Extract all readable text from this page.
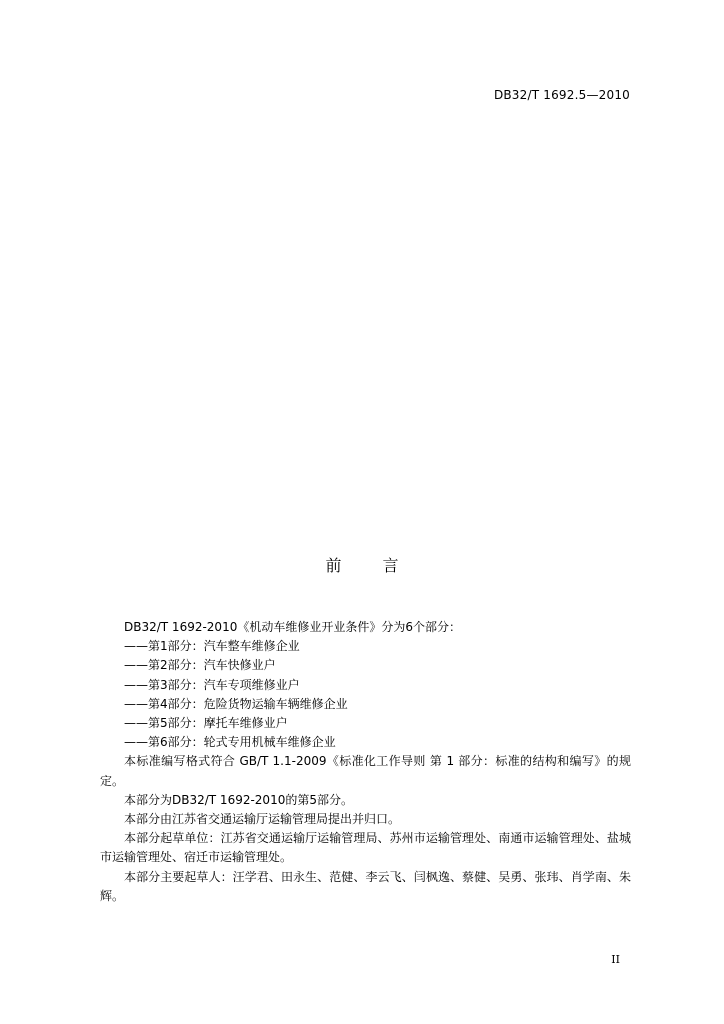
DB32/T 1692.5—2010
前 言

DB32/T 1692-2010《机动车维修业开业条件》分为6个部分：

——第1部分：汽车整车维修企业

——第2部分：汽车快修业户

——第3部分：汽车专项维修业户

——第4部分：危险货物运输车辆维修企业

——第5部分：摩托车维修业户

——第6部分：轮式专用机械车维修企业

本标准编写格式符合 GB/T 1.1-2009《标准化工作导则 第 1 部分：标准的结构和编写》的规定。

本部分为DB32/T 1692-2010的第5部分。

本部分由江苏省交通运输厅运输管理局提出并归口。

本部分起草单位：江苏省交通运输厅运输管理局、苏州市运输管理处、南通市运输管理处、盐城市运输管理处、宿迁市运输管理处。

本部分主要起草人：汪学君、田永生、范健、李云飞、闫枫逸、蔡健、吴勇、张玮、肖学南、朱辉。

II
